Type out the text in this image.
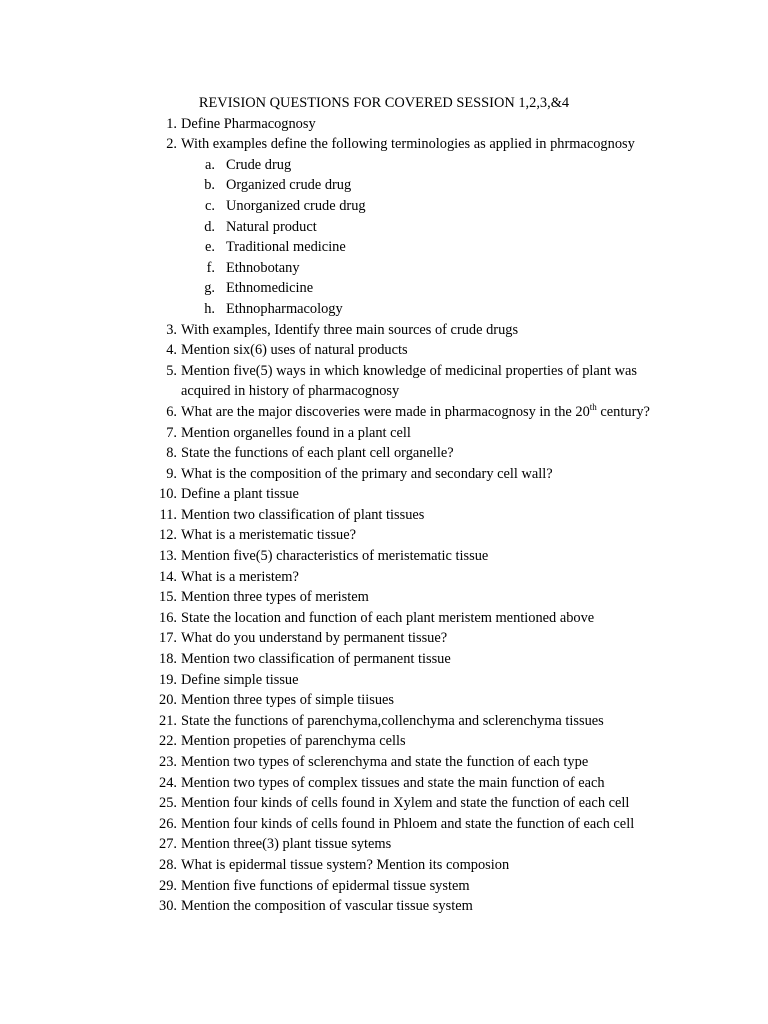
REVISION QUESTIONS FOR COVERED SESSION 1,2,3,&4
1. Define Pharmacognosy
2. With examples define the following terminologies as applied in phrmacognosy
a. Crude drug
b. Organized crude drug
c. Unorganized crude drug
d. Natural product
e. Traditional medicine
f. Ethnobotany
g. Ethnomedicine
h. Ethnopharmacology
3. With examples, Identify three main sources of crude drugs
4. Mention six(6) uses of natural products
5. Mention five(5) ways in which knowledge of medicinal properties of plant was
acquired in history of pharmacognosy
6. What are the major discoveries were made in pharmacognosy in the 20th century?
7. Mention organelles found in a plant cell
8. State the functions of each plant cell organelle?
9. What is the composition of the primary and secondary cell wall?
10. Define a plant tissue
11. Mention two classification of plant tissues
12. What is a meristematic tissue?
13. Mention five(5) characteristics of meristematic tissue
14. What is a meristem?
15. Mention three types of meristem
16. State the location and function of each plant meristem mentioned above
17. What do you understand by permanent tissue?
18. Mention two classification of permanent tissue
19. Define simple tissue
20. Mention three types of simple tiisues
21. State the functions of parenchyma,collenchyma and sclerenchyma tissues
22. Mention propeties of parenchyma cells
23. Mention two types of sclerenchyma and state the function of each type
24. Mention two types of complex tissues and state the main function of each
25. Mention four kinds of cells found in Xylem and state the function of each cell
26. Mention four kinds of cells found in Phloem and state the function of each cell
27. Mention three(3) plant tissue sytems
28. What is epidermal tissue system? Mention its composion
29. Mention five functions of epidermal tissue system
30. Mention the composition of vascular tissue system
